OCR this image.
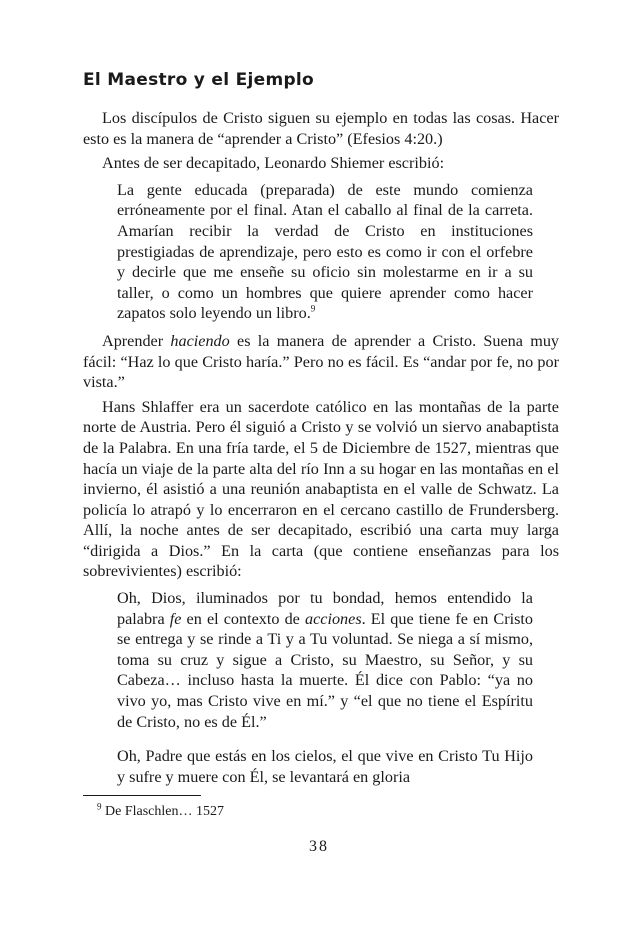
El Maestro y el Ejemplo

Los discípulos de Cristo siguen su ejemplo en todas las cosas. Hacer esto es la manera de “aprender a Cristo” (Efesios 4:20.)

Antes de ser decapitado, Leonardo Shiemer escribió:

La gente educada (preparada) de este mundo comienza erróneamente por el final. Atan el caballo al final de la carreta. Amarían recibir la verdad de Cristo en instituciones prestigiadas de aprendizaje, pero esto es como ir con el orfebre y decirle que me enseñe su oficio sin molestarme en ir a su taller, o como un hombres que quiere aprender como hacer zapatos solo leyendo un libro.$^9$

Aprender haciendo es la manera de aprender a Cristo. Suena muy fácil: “Haz lo que Cristo haría.” Pero no es fácil. Es “andar por fe, no por vista.”

Hans Shlaffer era un sacerdote católico en las montañas de la parte norte de Austria. Pero él siguió a Cristo y se volvió un siervo anabaptista de la Palabra. En una fría tarde, el 5 de Diciembre de 1527, mientras que hacía un viaje de la parte alta del río Inn a su hogar en las montañas en el invierno, él asistió a una reunión anabaptista en el valle de Schwatz. La policía lo atrapó y lo encerraron en el cercano castillo de Frundersberg. Allí, la noche antes de ser decapitado, escribió una carta muy larga “dirigida a Dios.” En la carta (que contiene enseñanzas para los sobrevivientes) escribió:

Oh, Dios, iluminados por tu bondad, hemos entendido la palabra fe en el contexto de acciones. El que tiene fe en Cristo se entrega y se rinde a Ti y a Tu voluntad. Se niega a sí mismo, toma su cruz y sigue a Cristo, su Maestro, su Señor, y su Cabeza… incluso hasta la muerte. Él dice con Pablo: “ya no vivo yo, mas Cristo vive en mí.” y “el que no tiene el Espíritu de Cristo, no es de Él.”

Oh, Padre que estás en los cielos, el que vive en Cristo Tu Hijo y sufre y muere con Él, se levantará en gloria

$^9$ De Flaschlen… 1527

38
